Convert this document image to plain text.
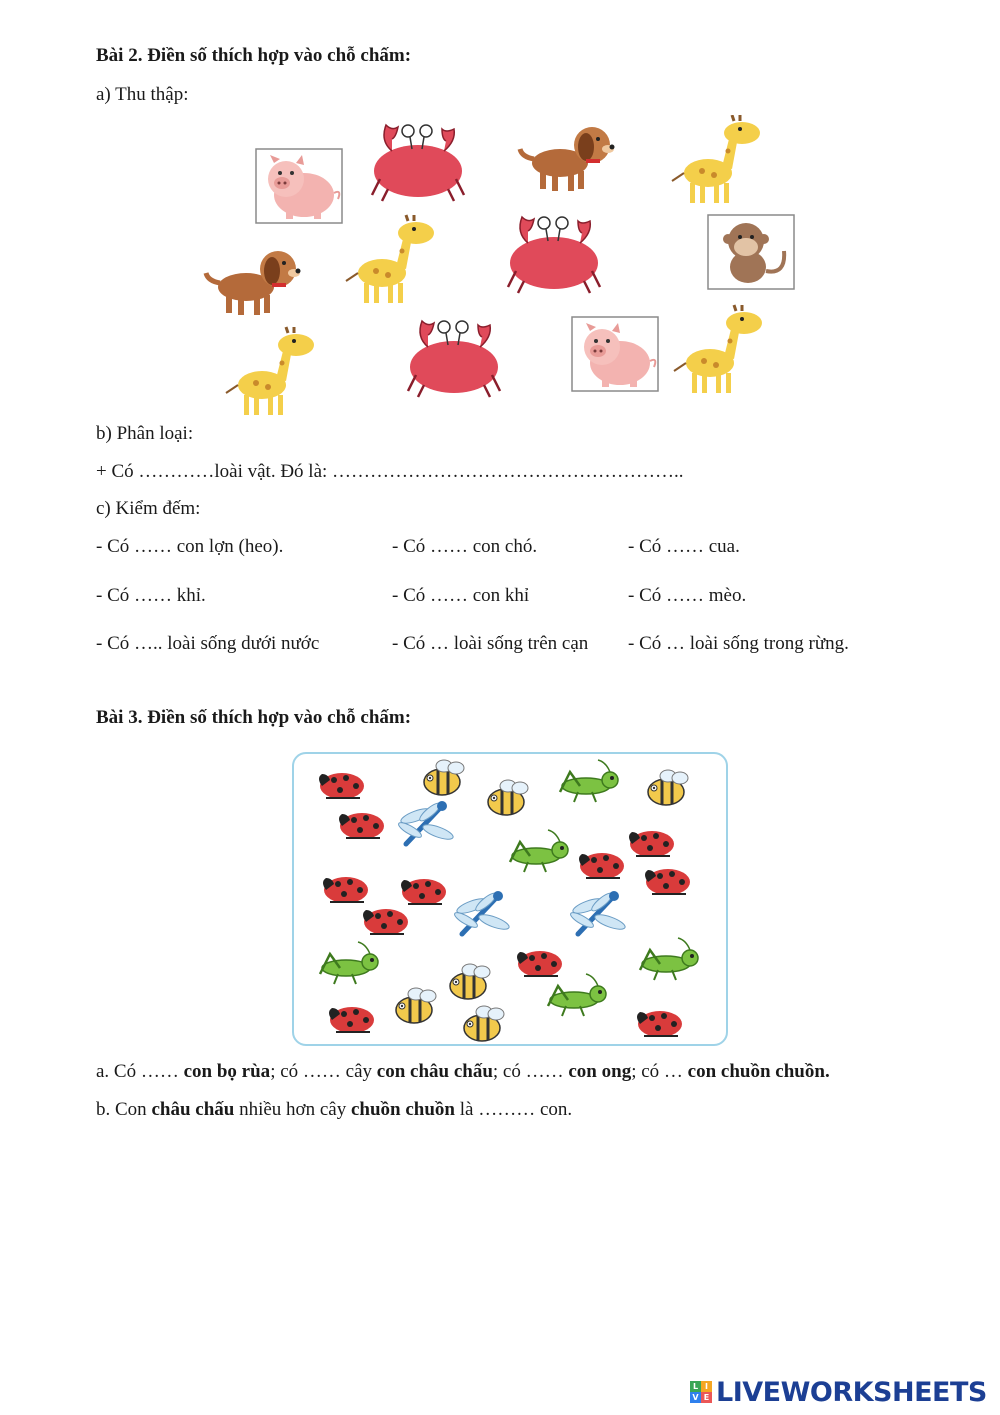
Bài 2. Điền số thích hợp vào chỗ chấm:
a) Thu thập:
b) Phân loại:
+ Có …………loài vật. Đó là: ………………………………………………..
c) Kiểm đếm:
- Có …… con lợn (heo).	- Có …… con chó.	- Có …… cua.
- Có …… khỉ.	- Có …… con khỉ	- Có …… mèo.
- Có ….. loài sống dưới nước	- Có … loài sống trên cạn - Có … loài sống trong rừng.
Bài 3. Điền số thích hợp vào chỗ chấm:
a. Có …… con bọ rùa; có …… cây con châu chấu; có …… con ong; có … con chuồn chuồn.
b. Con châu chấu nhiều hơn cây chuồn chuồn là ……… con.
L I
V E LIVEWORKSHEETS
